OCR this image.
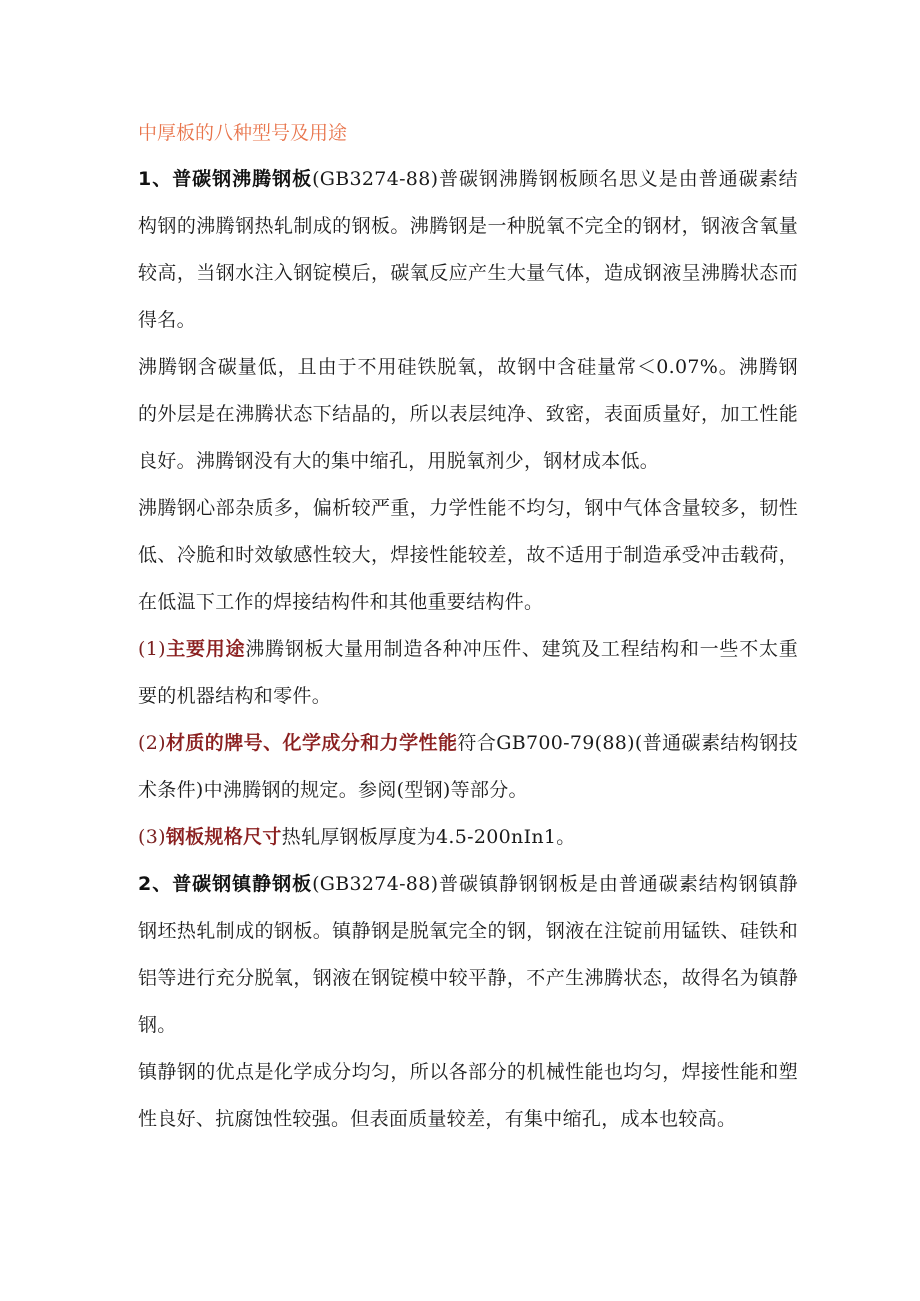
中厚板的八种型号及用途

1、普碳钢沸腾钢板(GB3274-88)普碳钢沸腾钢板顾名思义是由普通碳素结构钢的沸腾钢热轧制成的钢板。沸腾钢是一种脱氧不完全的钢材，钢液含氧量较高，当钢水注入钢锭模后，碳氧反应产生大量气体，造成钢液呈沸腾状态而得名。

沸腾钢含碳量低，且由于不用硅铁脱氧，故钢中含硅量常＜0.07%。沸腾钢的外层是在沸腾状态下结晶的，所以表层纯净、致密，表面质量好，加工性能良好。沸腾钢没有大的集中缩孔，用脱氧剂少，钢材成本低。

沸腾钢心部杂质多，偏析较严重，力学性能不均匀，钢中气体含量较多，韧性低、冷脆和时效敏感性较大，焊接性能较差，故不适用于制造承受冲击载荷，在低温下工作的焊接结构件和其他重要结构件。

(1)主要用途沸腾钢板大量用制造各种冲压件、建筑及工程结构和一些不太重要的机器结构和零件。

(2)材质的牌号、化学成分和力学性能符合GB700-79(88)(普通碳素结构钢技术条件)中沸腾钢的规定。参阅(型钢)等部分。

(3)钢板规格尺寸热轧厚钢板厚度为4.5-200nIn1。

2、普碳钢镇静钢板(GB3274-88)普碳镇静钢钢板是由普通碳素结构钢镇静钢坯热轧制成的钢板。镇静钢是脱氧完全的钢，钢液在注锭前用锰铁、硅铁和铝等进行充分脱氧，钢液在钢锭模中较平静，不产生沸腾状态，故得名为镇静钢。

镇静钢的优点是化学成分均匀，所以各部分的机械性能也均匀，焊接性能和塑性良好、抗腐蚀性较强。但表面质量较差，有集中缩孔，成本也较高。
